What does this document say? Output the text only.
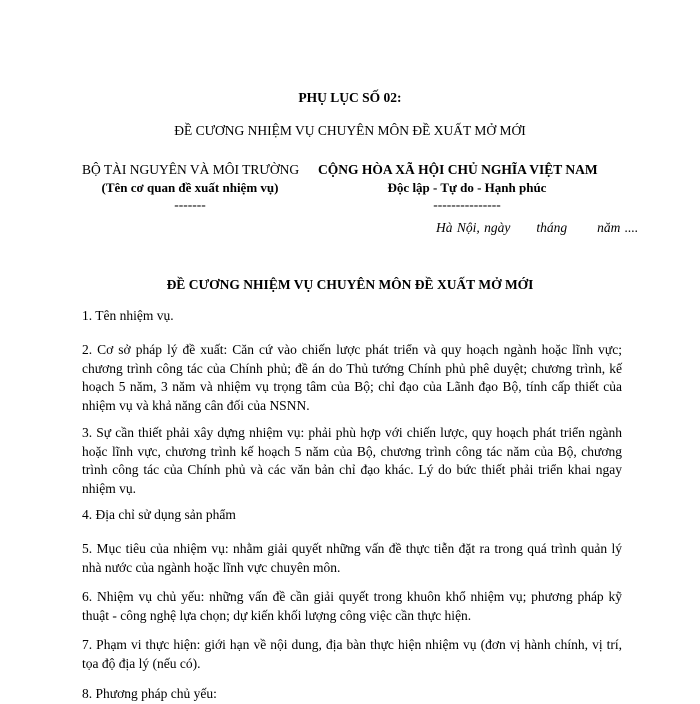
PHỤ LỤC SỐ 02:
ĐỀ CƯƠNG NHIỆM VỤ CHUYÊN MÔN ĐỀ XUẤT MỞ MỚI
BỘ TÀI NGUYÊN VÀ MÔI TRƯỜNG
(Tên cơ quan đề xuất nhiệm vụ)
-------
CỘNG HÒA XÃ HỘI CHỦ NGHĨA VIỆT NAM
Độc lập - Tự do - Hạnh phúc
---------------
Hà Nội, ngày tháng năm ....
ĐỀ CƯƠNG NHIỆM VỤ CHUYÊN MÔN ĐỀ XUẤT MỞ MỚI

1. Tên nhiệm vụ.

2. Cơ sở pháp lý đề xuất: Căn cứ vào chiến lược phát triển và quy hoạch ngành hoặc lĩnh vực; chương trình công tác của Chính phủ; đề án do Thủ tướng Chính phủ phê duyệt; chương trình, kế hoạch 5 năm, 3 năm và nhiệm vụ trọng tâm của Bộ; chỉ đạo của Lãnh đạo Bộ, tính cấp thiết của nhiệm vụ và khả năng cân đối của NSNN.

3. Sự cần thiết phải xây dựng nhiệm vụ: phải phù hợp với chiến lược, quy hoạch phát triển ngành hoặc lĩnh vực, chương trình kế hoạch 5 năm của Bộ, chương trình công tác năm của Bộ, chương trình công tác của Chính phủ và các văn bản chỉ đạo khác. Lý do bức thiết phải triển khai ngay nhiệm vụ.

4. Địa chỉ sử dụng sản phẩm

5. Mục tiêu của nhiệm vụ: nhằm giải quyết những vấn đề thực tiễn đặt ra trong quá trình quản lý nhà nước của ngành hoặc lĩnh vực chuyên môn.

6. Nhiệm vụ chủ yếu: những vấn đề cần giải quyết trong khuôn khổ nhiệm vụ; phương pháp kỹ thuật - công nghệ lựa chọn; dự kiến khối lượng công việc cần thực hiện.

7. Phạm vi thực hiện: giới hạn về nội dung, địa bàn thực hiện nhiệm vụ (đơn vị hành chính, vị trí, tọa độ địa lý (nếu có).

8. Phương pháp chủ yếu:
